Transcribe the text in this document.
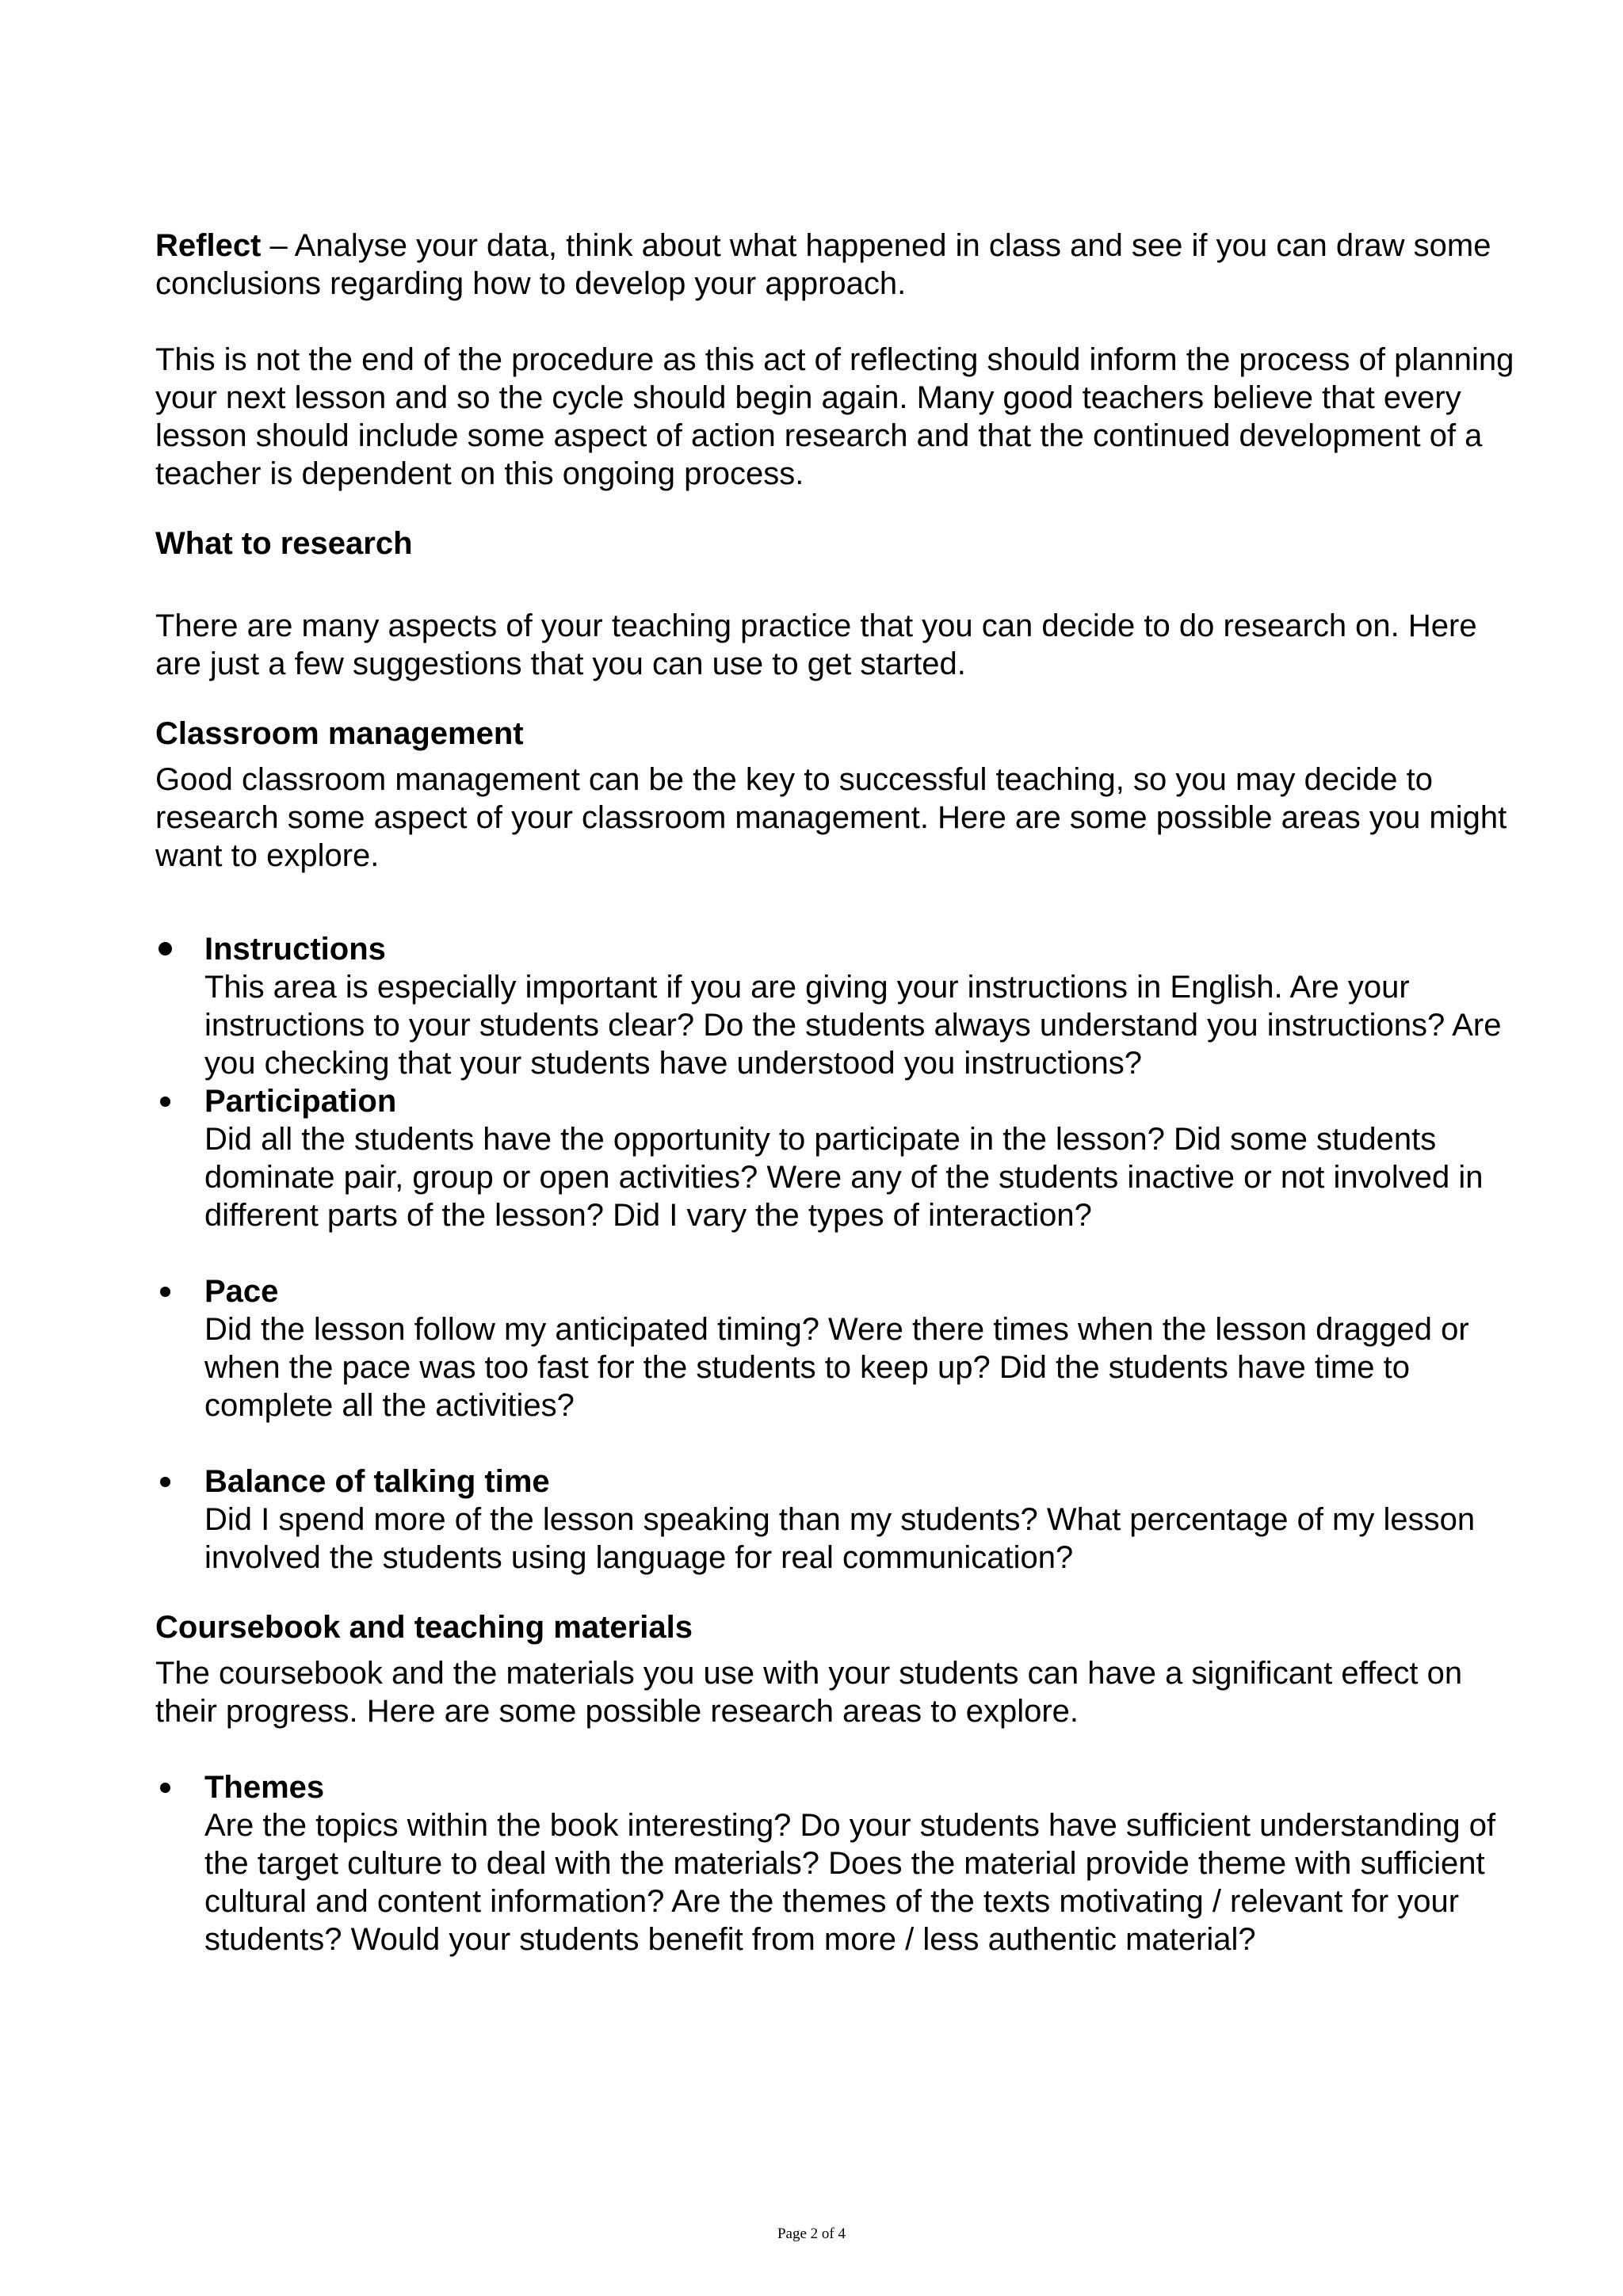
Reflect – Analyse your data, think about what happened in class and see if you can draw some conclusions regarding how to develop your approach.

This is not the end of the procedure as this act of reflecting should inform the process of planning your next lesson and so the cycle should begin again. Many good teachers believe that every lesson should include some aspect of action research and that the continued development of a teacher is dependent on this ongoing process.

What to research

There are many aspects of your teaching practice that you can decide to do research on. Here are just a few suggestions that you can use to get started.

Classroom management

Good classroom management can be the key to successful teaching, so you may decide to research some aspect of your classroom management. Here are some possible areas you might want to explore.

Instructions
This area is especially important if you are giving your instructions in English. Are your instructions to your students clear? Do the students always understand you instructions? Are you checking that your students have understood you instructions?
Participation
Did all the students have the opportunity to participate in the lesson? Did some students dominate pair, group or open activities? Were any of the students inactive or not involved in different parts of the lesson? Did I vary the types of interaction?
Pace
Did the lesson follow my anticipated timing? Were there times when the lesson dragged or when the pace was too fast for the students to keep up? Did the students have time to complete all the activities?
Balance of talking time
Did I spend more of the lesson speaking than my students? What percentage of my lesson involved the students using language for real communication?
Coursebook and teaching materials

The coursebook and the materials you use with your students can have a significant effect on their progress. Here are some possible research areas to explore.

Themes
Are the topics within the book interesting? Do your students have sufficient understanding of the target culture to deal with the materials? Does the material provide theme with sufficient cultural and content information? Are the themes of the texts motivating / relevant for your students? Would your students benefit from more / less authentic material?
Page 2 of 4
